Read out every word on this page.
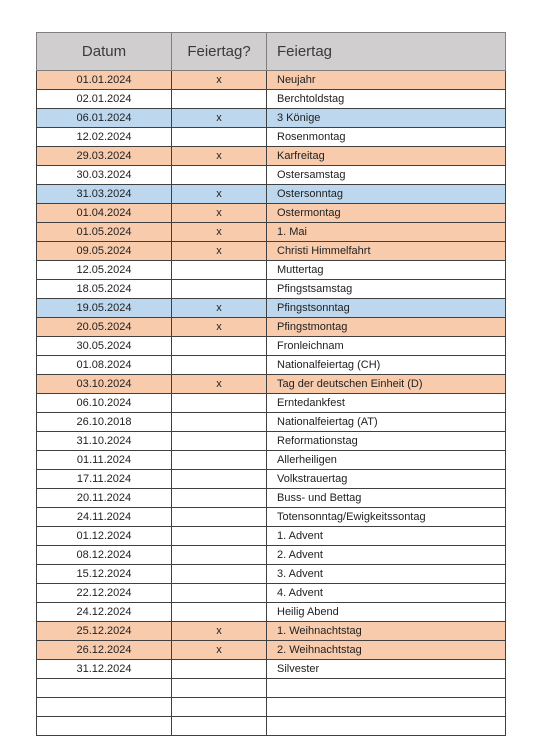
Datum	Feiertag?	Feiertag
01.01.2024	x	Neujahr
02.01.2024		Berchtoldstag
06.01.2024	x	3 Könige
12.02.2024		Rosenmontag
29.03.2024	x	Karfreitag
30.03.2024		Ostersamstag
31.03.2024	x	Ostersonntag
01.04.2024	x	Ostermontag
01.05.2024	x	1. Mai
09.05.2024	x	Christi Himmelfahrt
12.05.2024		Muttertag
18.05.2024		Pfingstsamstag
19.05.2024	x	Pfingstsonntag
20.05.2024	x	Pfingstmontag
30.05.2024		Fronleichnam
01.08.2024		Nationalfeiertag (CH)
03.10.2024	x	Tag der deutschen Einheit (D)
06.10.2024		Erntedankfest
26.10.2018		Nationalfeiertag (AT)
31.10.2024		Reformationstag
01.11.2024		Allerheiligen
17.11.2024		Volkstrauertag
20.11.2024		Buss- und Bettag
24.11.2024		Totensonntag/Ewigkeitssontag
01.12.2024		1. Advent
08.12.2024		2. Advent
15.12.2024		3. Advent
22.12.2024		4. Advent
24.12.2024		Heilig Abend
25.12.2024	x	1. Weihnachtstag
26.12.2024	x	2. Weihnachtstag
31.12.2024		Silvester
